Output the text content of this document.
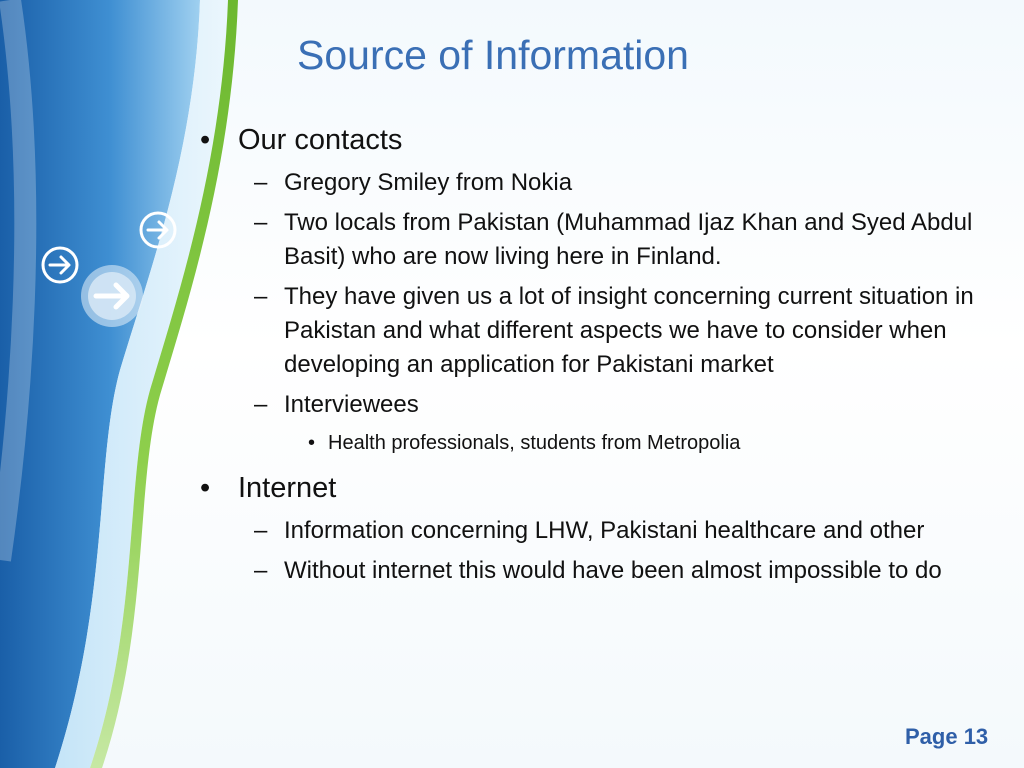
Source of Information
• Our contacts
– Gregory Smiley from Nokia
– Two locals from Pakistan (Muhammad Ijaz Khan and Syed Abdul Basit) who are now living here in Finland.
– They have given us a lot of insight concerning current situation in Pakistan and what different aspects we have to consider when developing an application for Pakistani market
– Interviewees
• Health professionals, students from Metropolia
• Internet
– Information concerning LHW, Pakistani healthcare and other
– Without internet this would have been almost impossible to do
Page 13
